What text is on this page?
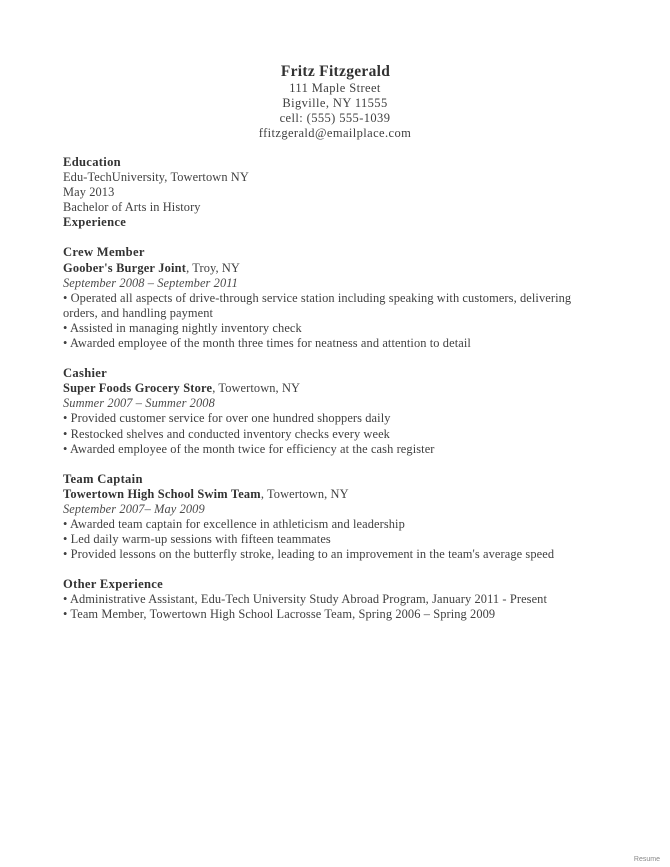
Fritz Fitzgerald
111 Maple Street
Bigville, NY 11555
cell: (555) 555-1039
ffitzgerald@emailplace.com
Education
Edu-TechUniversity, Towertown NY
May 2013
Bachelor of Arts in History
Experience
Crew Member
Goober's Burger Joint, Troy, NY
September 2008 – September 2011
• Operated all aspects of drive-through service station including speaking with customers, delivering orders, and handling payment
• Assisted in managing nightly inventory check
• Awarded employee of the month three times for neatness and attention to detail
Cashier
Super Foods Grocery Store, Towertown, NY
Summer 2007 – Summer 2008
• Provided customer service for over one hundred shoppers daily
• Restocked shelves and conducted inventory checks every week
• Awarded employee of the month twice for efficiency at the cash register
Team Captain
Towertown High School Swim Team, Towertown, NY
September 2007– May 2009
• Awarded team captain for excellence in athleticism and leadership
• Led daily warm-up sessions with fifteen teammates
• Provided lessons on the butterfly stroke, leading to an improvement in the team's average speed
Other Experience
• Administrative Assistant, Edu-Tech University Study Abroad Program, January 2011 - Present
• Team Member, Towertown High School Lacrosse Team, Spring 2006 – Spring 2009
Resume
